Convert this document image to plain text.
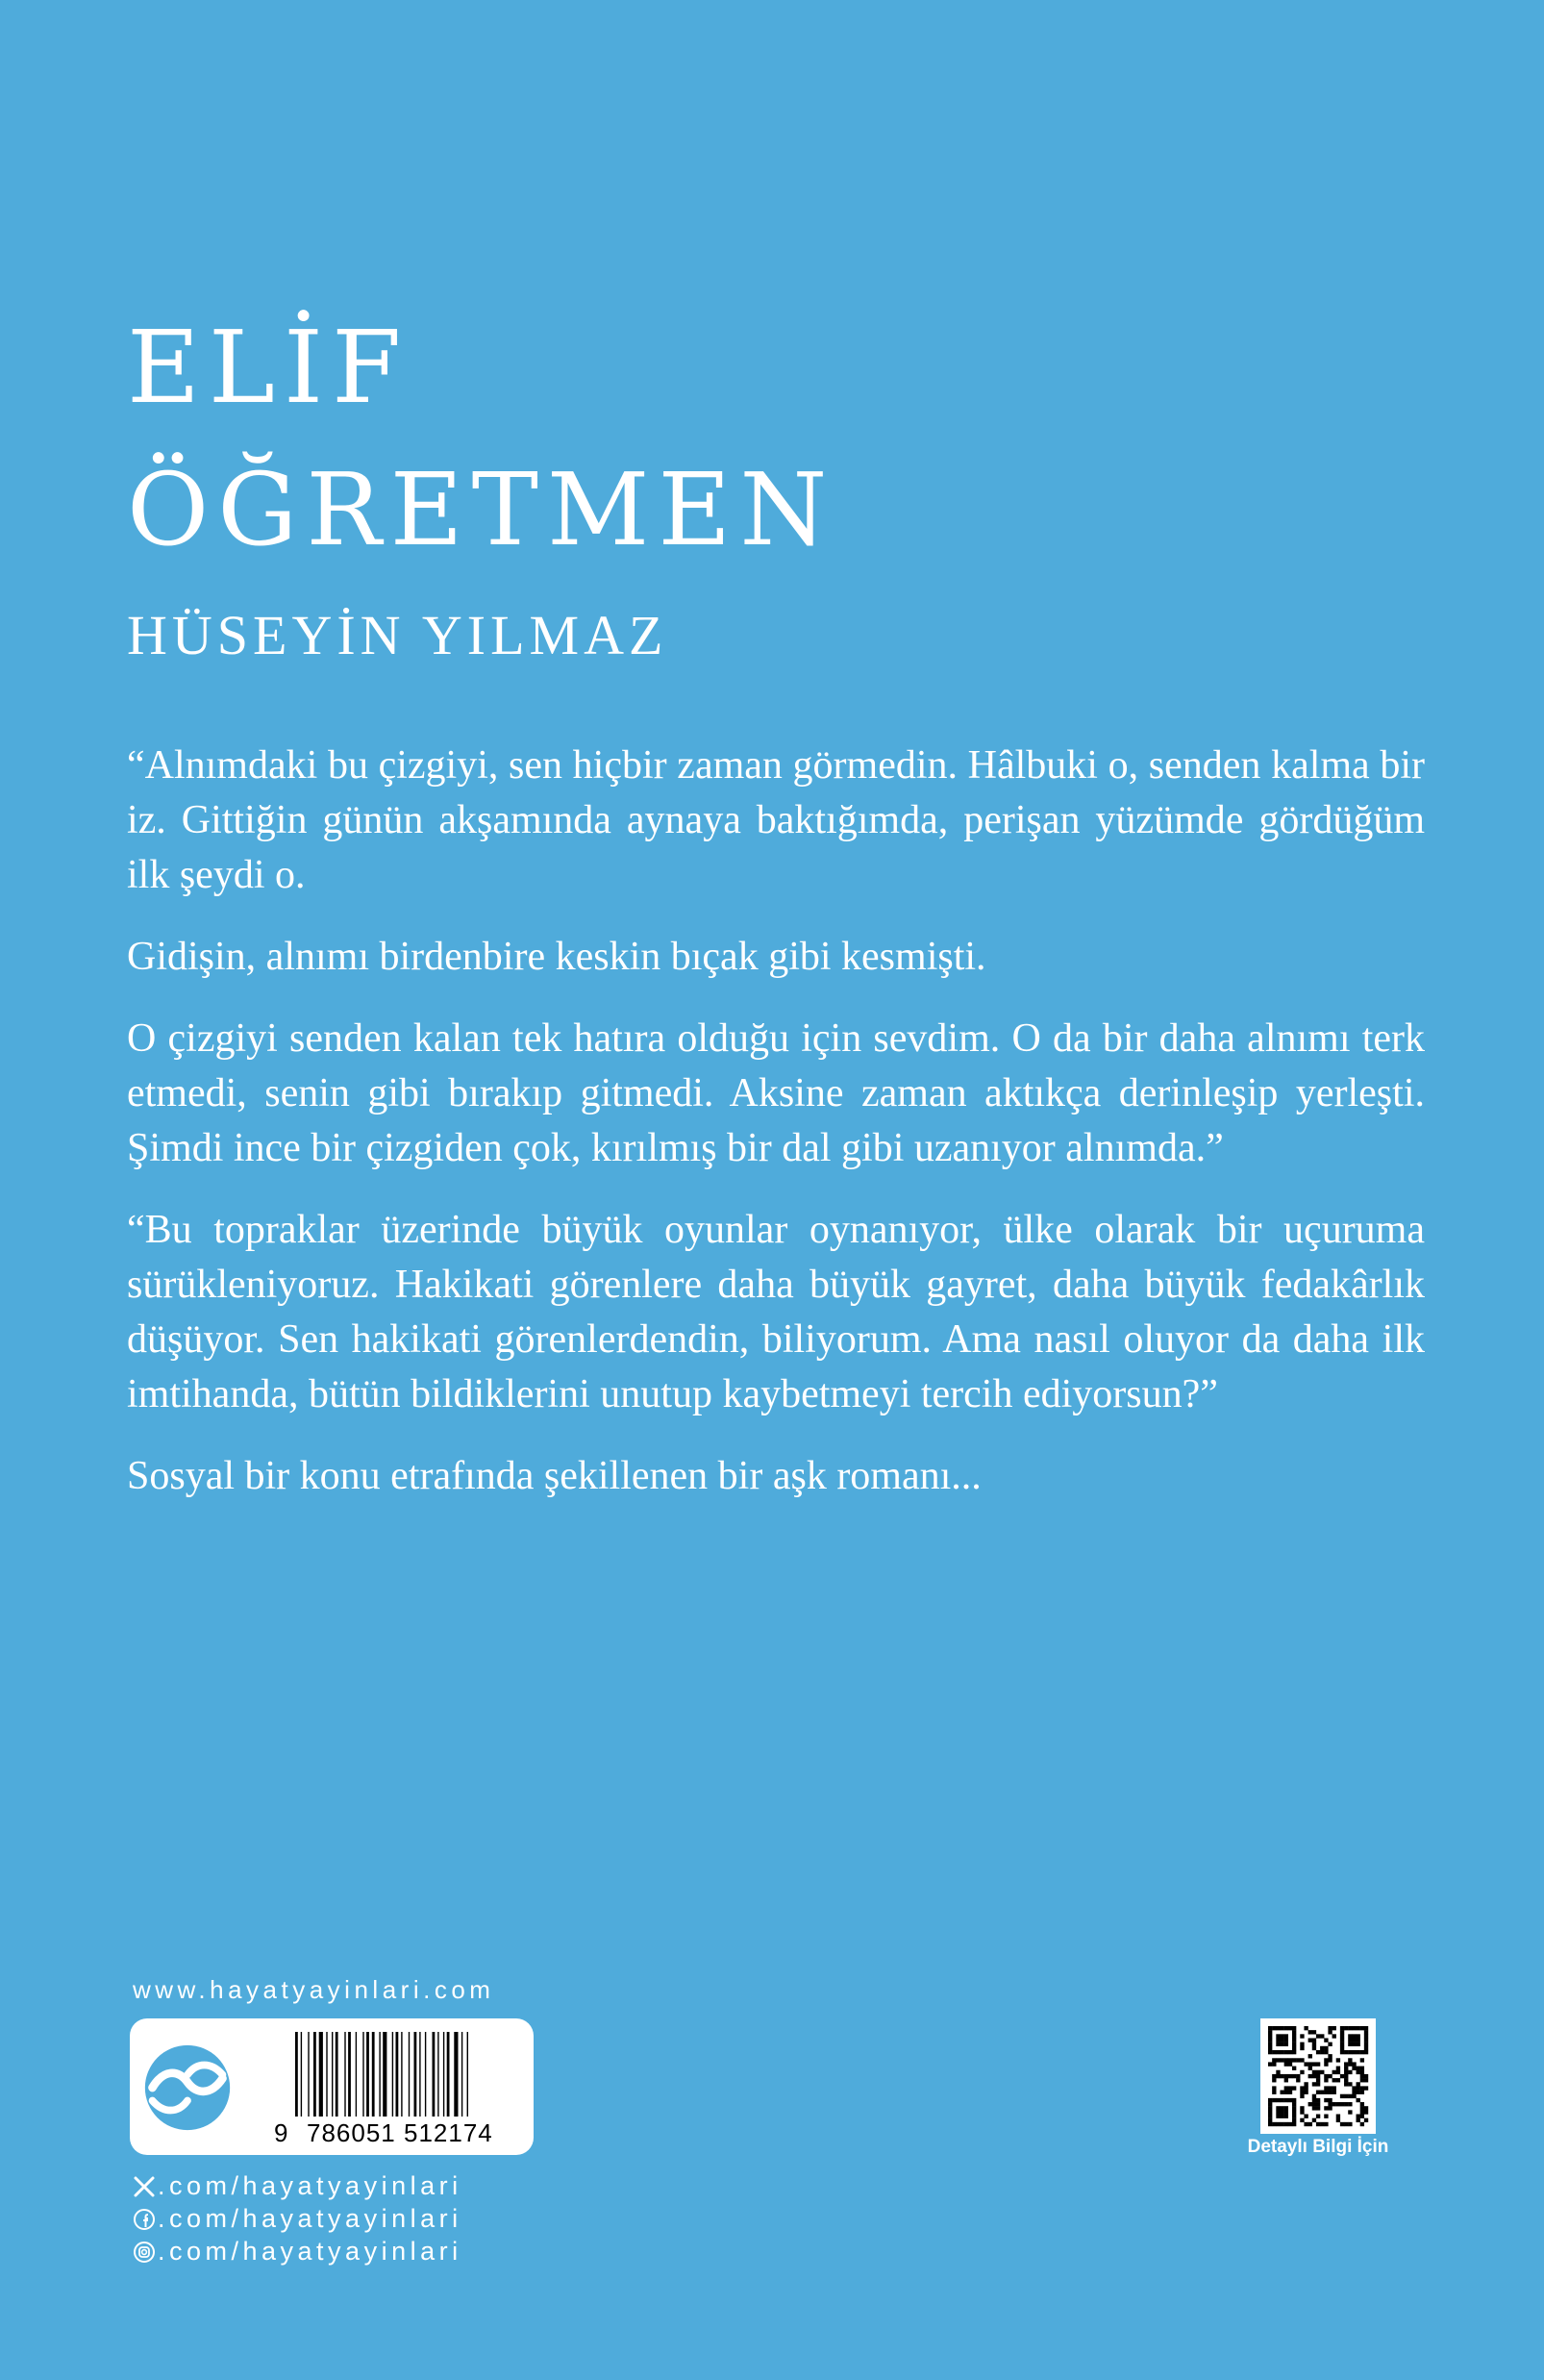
ELİF
ÖĞRETMEN
HÜSEYİN YILMAZ

“Alnımdaki bu çizgiyi, sen hiçbir zaman görmedin. Hâlbuki o, senden kalma bir iz. Gittiğin günün akşamında aynaya baktığımda, perişan yüzümde gördüğüm ilk şeydi o.

Gidişin, alnımı birdenbire keskin bıçak gibi kesmişti.

O çizgiyi senden kalan tek hatıra olduğu için sevdim. O da bir daha alnımı terk etmedi, senin gibi bırakıp gitmedi. Aksine zaman aktıkça derinleşip yerleşti. Şimdi ince bir çizgiden çok, kırılmış bir dal gibi uzanıyor alnımda.”

“Bu topraklar üzerinde büyük oyunlar oynanıyor, ülke olarak bir uçuruma sürükleniyoruz. Hakikati görenlere daha büyük gayret, daha büyük fedakârlık düşüyor. Sen hakikati görenlerdendin, biliyorum. Ama nasıl oluyor da daha ilk imtihanda, bütün bildiklerini unutup kaybetmeyi tercih ediyorsun?”

Sosyal bir konu etrafında şekillenen bir aşk romanı...

www.hayatyayinlari.com
9 786051 512174
.com/hayatyayinlari
.com/hayatyayinlari
.com/hayatyayinlari
Detaylı Bilgi İçin
